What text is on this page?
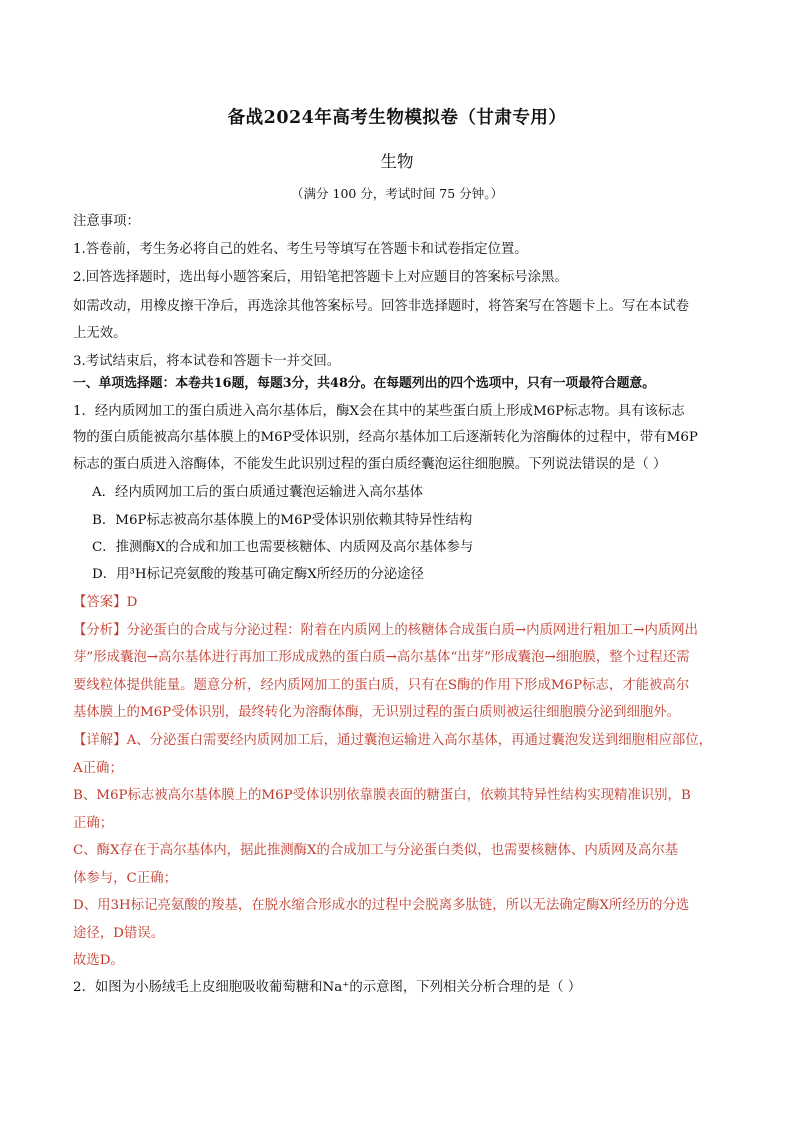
备战2024年高考生物模拟卷（甘肃专用）
生物
（满分 100 分，考试时间 75 分钟。）
注意事项：
1.答卷前，考生务必将自己的姓名、考生号等填写在答题卡和试卷指定位置。
2.回答选择题时，选出每小题答案后，用铅笔把答题卡上对应题目的答案标号涂黑。
如需改动，用橡皮擦干净后，再选涂其他答案标号。回答非选择题时，将答案写在答题卡上。写在本试卷
上无效。
3.考试结束后，将本试卷和答题卡一并交回。
一、单项选择题：本卷共16题，每题3分，共48分。在每题列出的四个选项中，只有一项最符合题意。
1．经内质网加工的蛋白质进入高尔基体后，酶X会在其中的某些蛋白质上形成M6P标志物。具有该标志
物的蛋白质能被高尔基体膜上的M6P受体识别，经高尔基体加工后逐渐转化为溶酶体的过程中，带有M6P
标志的蛋白质进入溶酶体，不能发生此识别过程的蛋白质经囊泡运往细胞膜。下列说法错误的是（ ）
A．经内质网加工后的蛋白质通过囊泡运输进入高尔基体
B．M6P标志被高尔基体膜上的M6P受体识别依赖其特异性结构
C．推测酶X的合成和加工也需要核糖体、内质网及高尔基体参与
D．用³H标记亮氨酸的羧基可确定酶X所经历的分泌途径
【答案】D
【分析】分泌蛋白的合成与分泌过程：附着在内质网上的核糖体合成蛋白质→内质网进行粗加工→内质网出
芽”形成囊泡→高尔基体进行再加工形成成熟的蛋白质→高尔基体“出芽”形成囊泡→细胞膜，整个过程还需
要线粒体提供能量。题意分析，经内质网加工的蛋白质，只有在S酶的作用下形成M6P标志，才能被高尔
基体膜上的M6P受体识别，最终转化为溶酶体酶，无识别过程的蛋白质则被运往细胞膜分泌到细胞外。
【详解】A、分泌蛋白需要经内质网加工后，通过囊泡运输进入高尔基体，再通过囊泡发送到细胞相应部位，
A正确；
B、M6P标志被高尔基体膜上的M6P受体识别依靠膜表面的糖蛋白，依赖其特异性结构实现精准识别，B
正确；
C、酶X存在于高尔基体内，据此推测酶X的合成加工与分泌蛋白类似，也需要核糖体、内质网及高尔基
体参与，C正确；
D、用3H标记亮氨酸的羧基，在脱水缩合形成水的过程中会脱离多肽链，所以无法确定酶X所经历的分选
途径，D错误。
故选D。
2．如图为小肠绒毛上皮细胞吸收葡萄糖和Na⁺的示意图，下列相关分析合理的是（ ）
